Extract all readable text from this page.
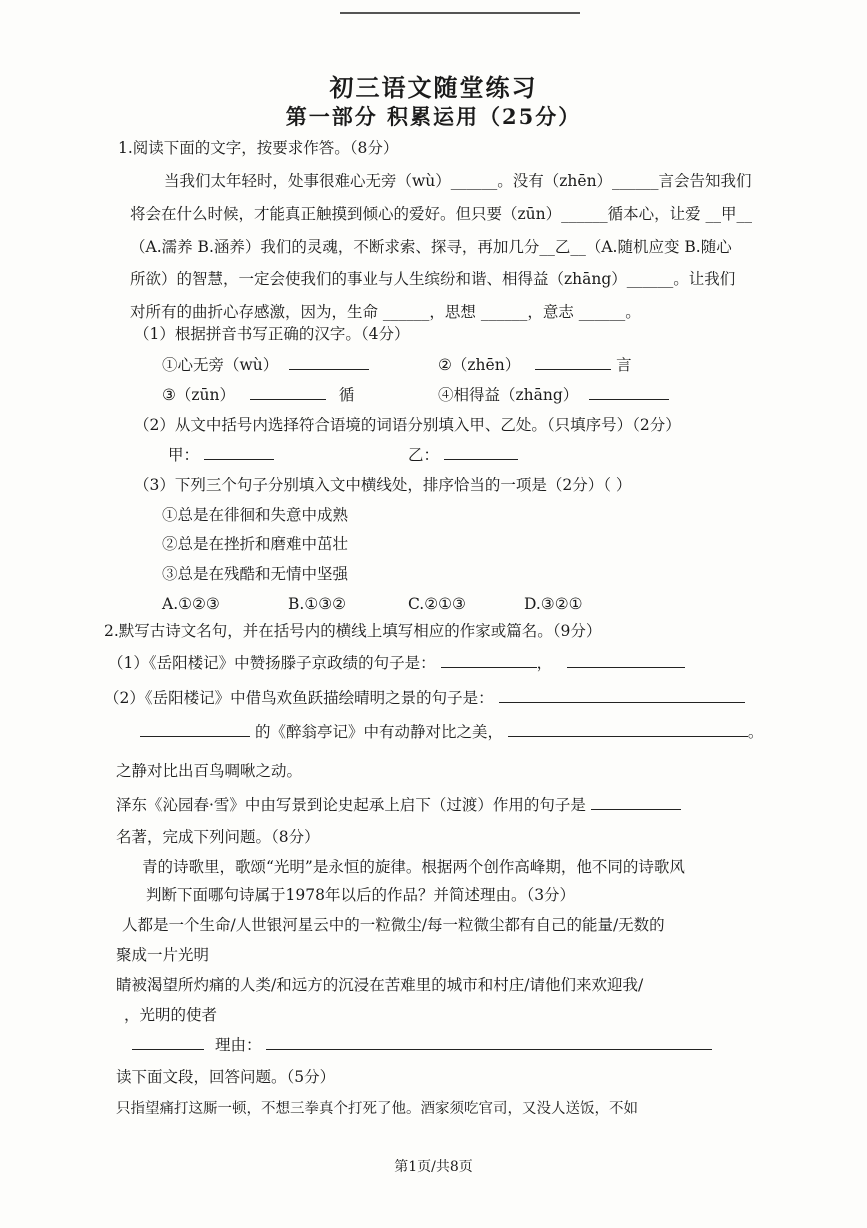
初三语文随堂练习
第一部分 积累运用（25分）
1.阅读下面的文字，按要求作答。（8分）
当我们太年轻时，处事很难心无旁（wù）______。没有（zhēn）______言会告知我们
将会在什么时候，才能真正触摸到倾心的爱好。但只要（zūn）______循本心，让爱 __甲__
（A.濡养 B.涵养）我们的灵魂，不断求索、探寻，再加几分__乙__（A.随机应变 B.随心
所欲）的智慧，一定会使我们的事业与人生缤纷和谐、相得益（zhāng）______。让我们
对所有的曲折心存感激，因为，生命 ______，思想 ______，意志 ______。
（1）根据拼音书写正确的汉字。（4分）
①心无旁（wù）	②（zhēn）	言
③（zūn）	循	④相得益（zhāng）
（2）从文中括号内选择符合语境的词语分别填入甲、乙处。（只填序号）（2分）
甲：	乙：
（3）下列三个句子分别填入文中横线处，排序恰当的一项是（2分）（ ）
①总是在徘徊和失意中成熟
②总是在挫折和磨难中茁壮
③总是在残酷和无情中坚强
A.①②③	B.①③②	C.②①③	D.③②①
2.默写古诗文名句，并在括号内的横线上填写相应的作家或篇名。（9分）
（1）《岳阳楼记》中赞扬滕子京政绩的句子是：	，
（2）《岳阳楼记》中借鸟欢鱼跃描绘晴明之景的句子是：
的《醉翁亭记》中有动静对比之美，	。
之静对比出百鸟啁啾之动。
泽东《沁园春·雪》中由写景到论史起承上启下（过渡）作用的句子是
名著，完成下列问题。（8分）
青的诗歌里，歌颂“光明”是永恒的旋律。根据两个创作高峰期，他不同的诗歌风
判断下面哪句诗属于1978年以后的作品？并简述理由。（3分）
人都是一个生命/人世银河星云中的一粒微尘/每一粒微尘都有自己的能量/无数的
聚成一片光明
睛被渴望所灼痛的人类/和远方的沉浸在苦难里的城市和村庄/请他们来欢迎我/
，光明的使者
理由：
读下面文段，回答问题。（5分）
只指望痛打这厮一顿，不想三拳真个打死了他。酒家须吃官司，又没人送饭，不如
第1页/共8页
